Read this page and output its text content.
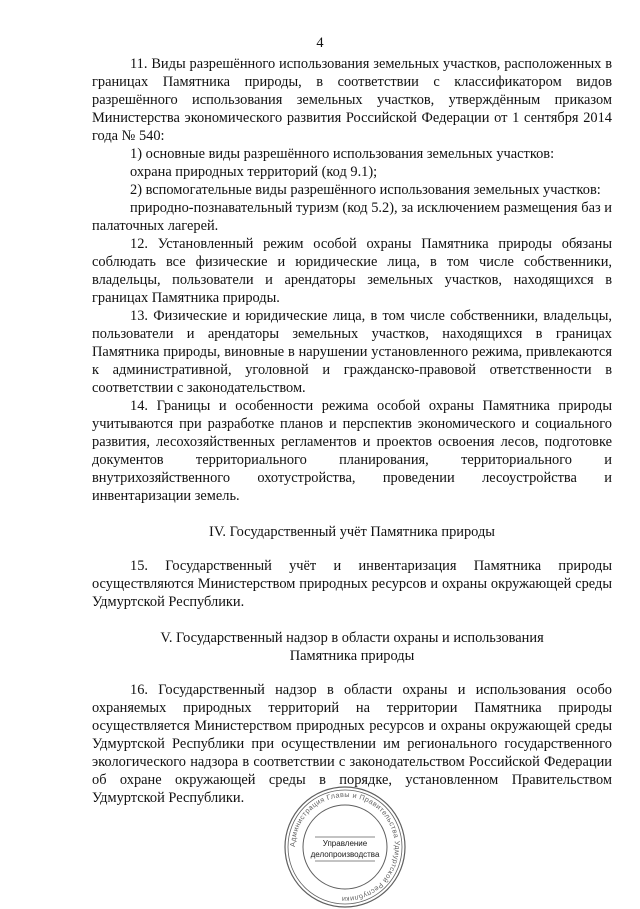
4

11. Виды разрешённого использования земельных участков, расположенных в границах Памятника природы, в соответствии с классификатором видов разрешённого использования земельных участков, утверждённым приказом Министерства экономического развития Российской Федерации от 1 сентября 2014 года № 540:

1) основные виды разрешённого использования земельных участков:

охрана природных территорий (код 9.1);

2) вспомогательные виды разрешённого использования земельных участков:

природно-познавательный туризм (код 5.2), за исключением размещения баз и палаточных лагерей.

12. Установленный режим особой охраны Памятника природы обязаны соблюдать все физические и юридические лица, в том числе собственники, владельцы, пользователи и арендаторы земельных участков, находящихся в границах Памятника природы.

13. Физические и юридические лица, в том числе собственники, владельцы, пользователи и арендаторы земельных участков, находящихся в границах Памятника природы, виновные в нарушении установленного режима, привлекаются к административной, уголовной и гражданско-правовой ответственности в соответствии с законодательством.

14. Границы и особенности режима особой охраны Памятника природы учитываются при разработке планов и перспектив экономического и социального развития, лесохозяйственных регламентов и проектов освоения лесов, подготовке документов территориального планирования, территориального и внутрихозяйственного охотустройства, проведении лесоустройства и инвентаризации земель.

IV. Государственный учёт Памятника природы

15. Государственный учёт и инвентаризация Памятника природы осуществляются Министерством природных ресурсов и охраны окружающей среды Удмуртской Республики.

V. Государственный надзор в области охраны и использования

Памятника природы

16. Государственный надзор в области охраны и использования особо охраняемых природных территорий на территории Памятника природы осуществляется Министерством природных ресурсов и охраны окружающей среды Удмуртской Республики при осуществлении им регионального государственного экологического надзора в соответствии с законодательством Российской Федерации об охране окружающей среды в порядке, установленном Правительством Удмуртской Республики.

Администрация Главы и Правительства Удмуртской Республики
Управление
делопроизводства
